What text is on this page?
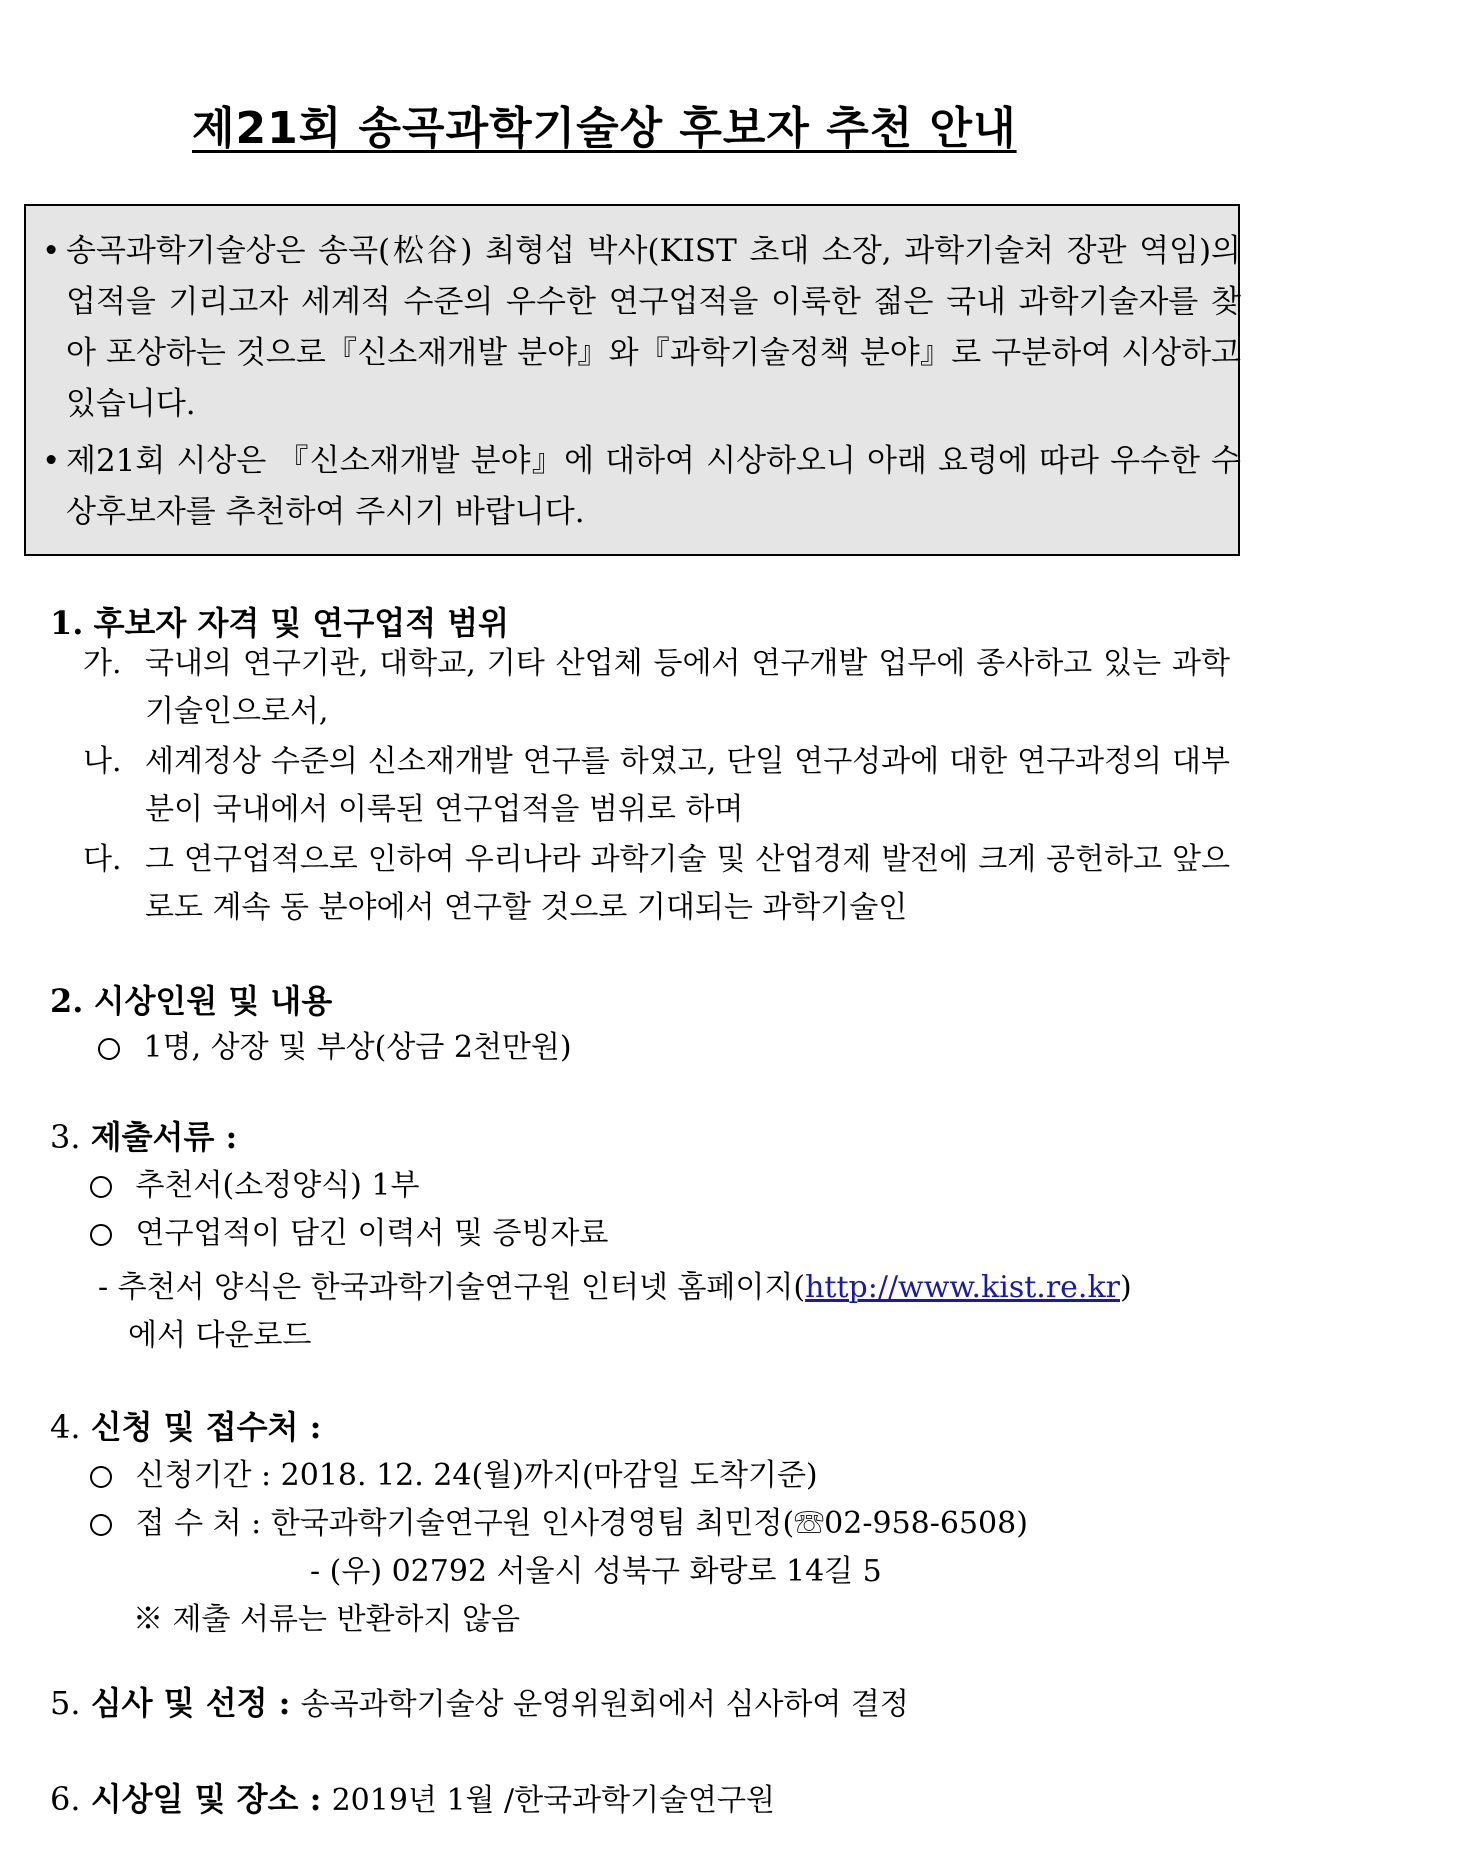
제21회 송곡과학기술상 후보자 추천 안내
• 송곡과학기술상은 송곡(松谷) 최형섭 박사(KIST 초대 소장, 과학기술처 장관 역임)의 업적을 기리고자 세계적 수준의 우수한 연구업적을 이룩한 젊은 국내 과학기술자를 찾아 포상하는 것으로『신소재개발 분야』와『과학기술정책 분야』로 구분하여 시상하고 있습니다.
• 제21회 시상은 『신소재개발 분야』에 대하여 시상하오니 아래 요령에 따라 우수한 수상후보자를 추천하여 주시기 바랍니다.
1. 후보자 자격 및 연구업적 범위
가. 국내의 연구기관, 대학교, 기타 산업체 등에서 연구개발 업무에 종사하고 있는 과학기술인으로서,
나. 세계정상 수준의 신소재개발 연구를 하였고, 단일 연구성과에 대한 연구과정의 대부분이 국내에서 이룩된 연구업적을 범위로 하며
다. 그 연구업적으로 인하여 우리나라 과학기술 및 산업경제 발전에 크게 공헌하고 앞으로도 계속 동 분야에서 연구할 것으로 기대되는 과학기술인
2. 시상인원 및 내용
1명, 상장 및 부상(상금 2천만원)
3. 제출서류 :
추천서(소정양식) 1부
연구업적이 담긴 이력서 및 증빙자료
- 추천서 양식은 한국과학기술연구원 인터넷 홈페이지(http://www.kist.re.kr)
에서 다운로드
4. 신청 및 접수처 :
신청기간 : 2018. 12. 24(월)까지(마감일 도착기준)
접 수 처 : 한국과학기술연구원 인사경영팀 최민정(☏02-958-6508)
- (우) 02792 서울시 성북구 화랑로 14길 5
※ 제출 서류는 반환하지 않음
5. 심사 및 선정 : 송곡과학기술상 운영위원회에서 심사하여 결정
6. 시상일 및 장소 : 2019년 1월 /한국과학기술연구원
